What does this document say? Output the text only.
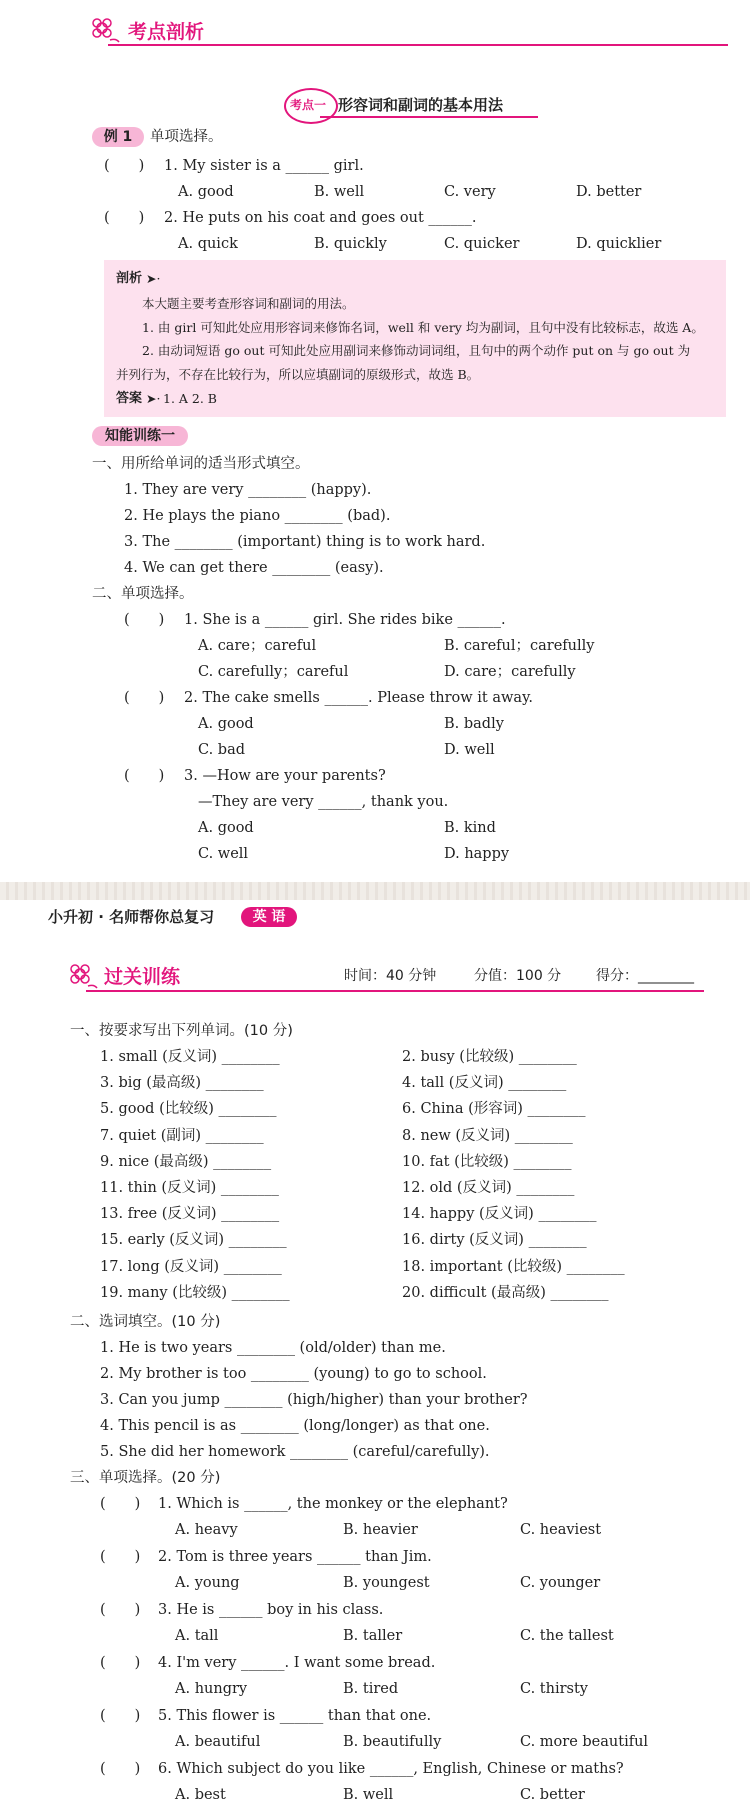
考点剖析
考点一 形容词和副词的基本用法
例 1	单项选择。
(　　) 1. My sister is a ______ girl.
A. good	B. well	C. very	D. better
(　　) 2. He puts on his coat and goes out ______.
A. quick	B. quickly	C. quicker	D. quicklier
剖析 ➤·
本大题主要考查形容词和副词的用法。
1. 由 girl 可知此处应用形容词来修饰名词，well 和 very 均为副词，且句中没有比较标志，故选 A。
2. 由动词短语 go out 可知此处应用副词来修饰动词词组，且句中的两个动作 put on 与 go out 为
并列行为，不存在比较行为，所以应填副词的原级形式，故选 B。
答案 ➤· 1. A 2. B
知能训练一
一、用所给单词的适当形式填空。
1. They are very ________ (happy).
2. He plays the piano ________ (bad).
3. The ________ (important) thing is to work hard.
4. We can get there ________ (easy).
二、单项选择。
(　　) 1. She is a ______ girl. She rides bike ______.
A. care；careful	B. careful；carefully
C. carefully；careful	D. care；carefully
(　　) 2. The cake smells ______. Please throw it away.
A. good	B. badly
C. bad	D. well
(　　) 3. —How are your parents?
—They are very ______, thank you.
A. good	B. kind
C. well	D. happy
小升初 · 名师帮你总复习	英 语
过关训练	时间：40 分钟	分值：100 分 得分：________
一、按要求写出下列单词。(10 分)
二、选词填空。(10 分)
1. He is two years ________ (old/older) than me.
2. My brother is too ________ (young) to go to school.
3. Can you jump ________ (high/higher) than your brother?
4. This pencil is as ________ (long/longer) as that one.
5. She did her homework ________ (careful/carefully).
三、单项选择。(20 分)
1. small (反义词) ________	2. busy (比较级) ________
3. big (最高级) ________	4. tall (反义词) ________
5. good (比较级) ________	6. China (形容词) ________
7. quiet (副词) ________	8. new (反义词) ________
9. nice (最高级) ________	10. fat (比较级) ________
11. thin (反义词) ________	12. old (反义词) ________
13. free (反义词) ________	14. happy (反义词) ________
15. early (反义词) ________	16. dirty (反义词) ________
17. long (反义词) ________	18. important (比较级) ________
19. many (比较级) ________	20. difficult (最高级) ________
(　　) 1. Which is ______, the monkey or the elephant?
A. heavy	B. heavier	C. heaviest
(　　) 2. Tom is three years ______ than Jim.
A. young	B. youngest	C. younger
(　　) 3. He is ______ boy in his class.
A. tall	B. taller	C. the tallest
(　　) 4. I'm very ______. I want some bread.
A. hungry	B. tired	C. thirsty
(　　) 5. This flower is ______ than that one.
A. beautiful	B. beautifully	C. more beautiful
(　　) 6. Which subject do you like ______, English, Chinese or maths?
A. best	B. well	C. better
